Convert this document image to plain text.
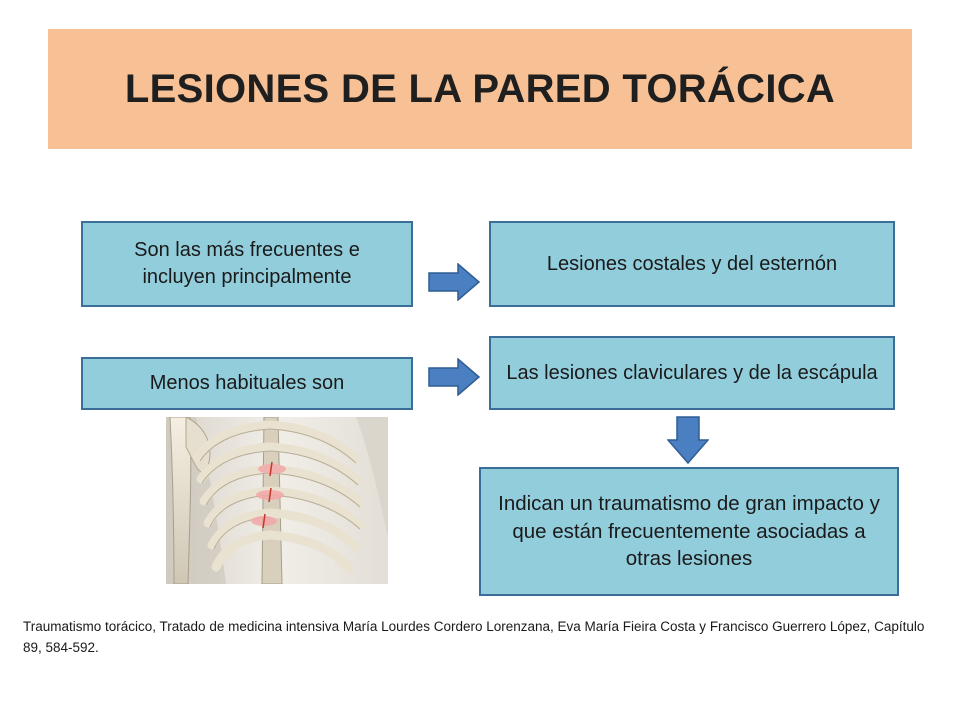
LESIONES DE LA PARED TORÁCICA
Son las más frecuentes e incluyen principalmente
Lesiones costales y del esternón
Menos habituales son	Las lesiones claviculares y de la escápula
Indican un traumatismo de gran impacto y que están frecuentemente asociadas a otras lesiones
Traumatismo torácico, Tratado de medicina intensiva María Lourdes Cordero Lorenzana, Eva María Fieira Costa y Francisco Guerrero López, Capítulo 89, 584-592.
